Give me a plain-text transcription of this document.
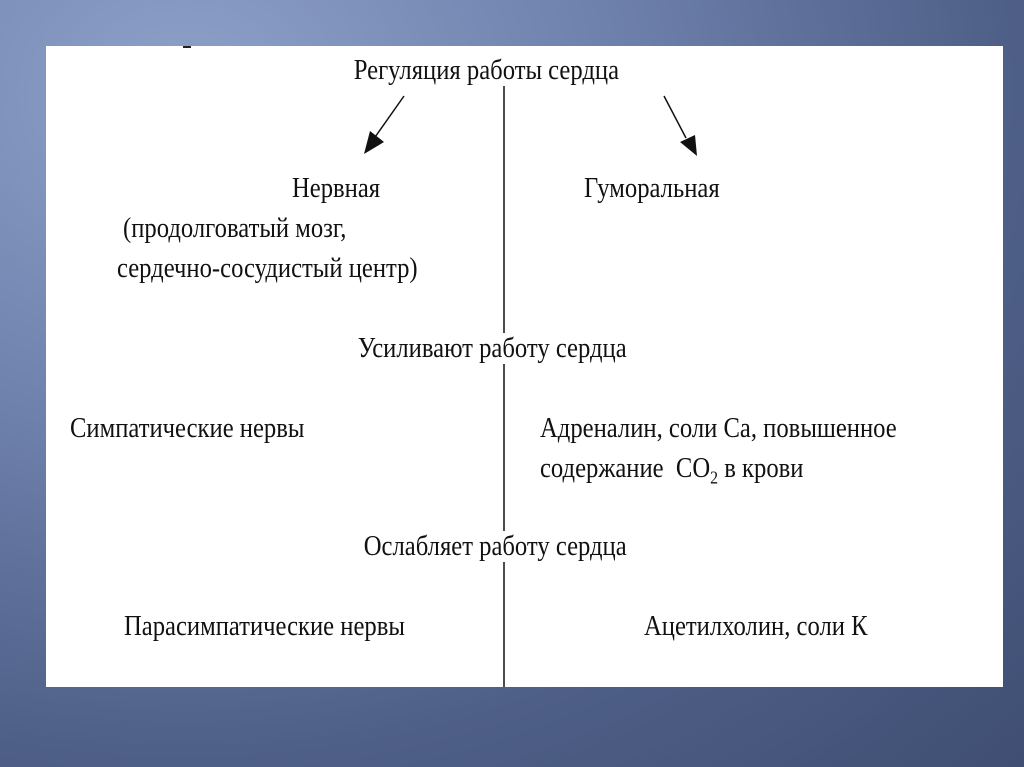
Регуляция работы сердца

Нервная

(продолговатый мозг,

сердечно-сосудистый центр)

Гуморальная

Усиливают работу сердца

Симпатические нервы	Адреналин, соли Са, повышенное

содержание $CO_2$ в крови

Ослабляет работу сердца

Парасимпатические нервы	Ацетилхолин, соли К
